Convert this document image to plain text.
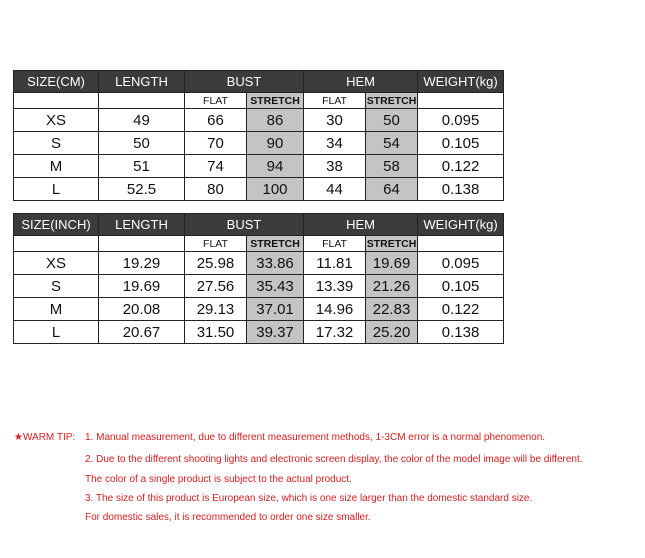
SIZE(CM)	LENGTH	BUST		HEM		WEIGHT(kg)
		FLAT	STRETCH	FLAT	STRETCH	
XS	49	66	86	30	50	0.095
S	50	70	90	34	54	0.105
M	51	74	94	38	58	0.122
L	52.5	80	100	44	64	0.138
SIZE(INCH)	LENGTH	BUST		HEM		WEIGHT(kg)
		FLAT	STRETCH	FLAT	STRETCH	
XS	19.29	25.98	33.86	11.81	19.69	0.095
S	19.69	27.56	35.43	13.39	21.26	0.105
M	20.08	29.13	37.01	14.96	22.83	0.122
L	20.67	31.50	39.37	17.32	25.20	0.138
★WARM TIP: 1. Manual measurement, due to different measurement methods, 1-3CM error is a normal phenomenon.
2. Due to the different shooting lights and electronic screen display, the color of the model image will be different.
The color of a single product is subject to the actual product.
3. The size of this product is European size, which is one size larger than the domestic standard size.
For domestic sales, it is recommended to order one size smaller.
